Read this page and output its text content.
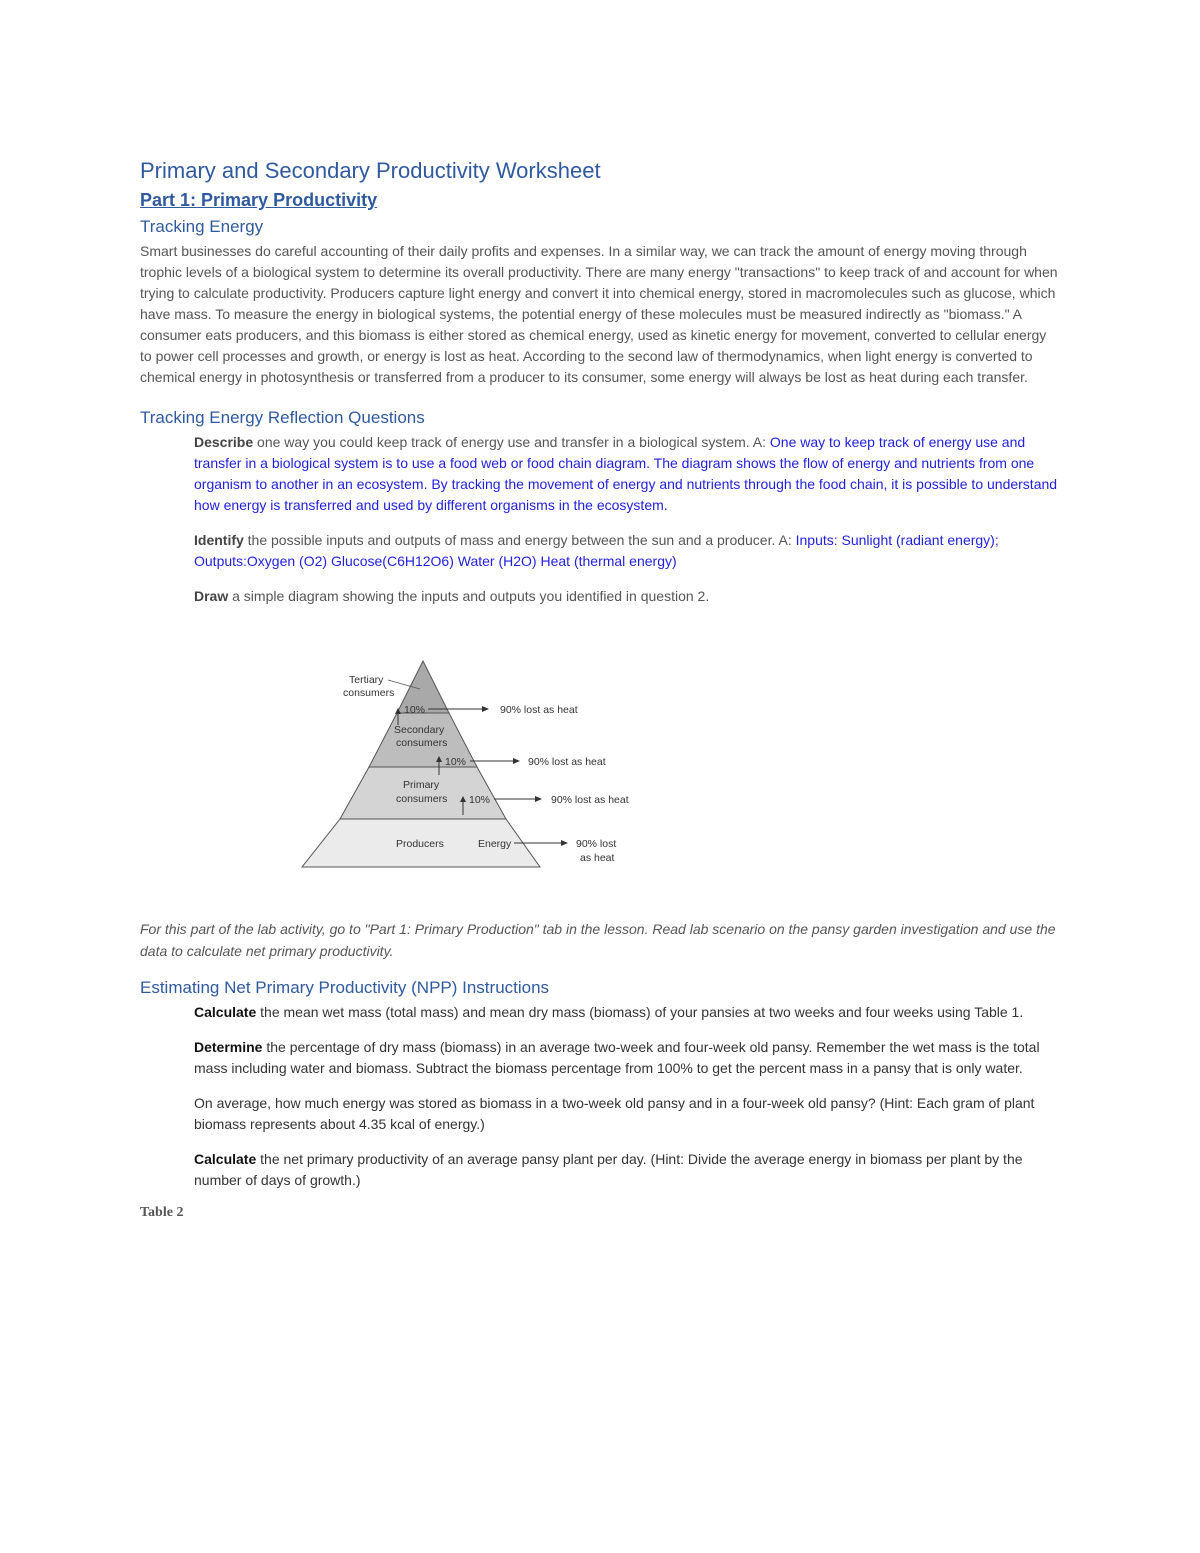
Primary and Secondary Productivity Worksheet
Part 1: Primary Productivity
Tracking Energy

Smart businesses do careful accounting of their daily profits and expenses. In a similar way, we can track the amount of energy moving through trophic levels of a biological system to determine its overall productivity. There are many energy "transactions" to keep track of and account for when trying to calculate productivity. Producers capture light energy and convert it into chemical energy, stored in macromolecules such as glucose, which have mass. To measure the energy in biological systems, the potential energy of these molecules must be measured indirectly as "biomass." A consumer eats producers, and this biomass is either stored as chemical energy, used as kinetic energy for movement, converted to cellular energy to power cell processes and growth, or energy is lost as heat. According to the second law of thermodynamics, when light energy is converted to chemical energy in photosynthesis or transferred from a producer to its consumer, some energy will always be lost as heat during each transfer.

Tracking Energy Reflection Questions

Describe one way you could keep track of energy use and transfer in a biological system. A: One way to keep track of energy use and transfer in a biological system is to use a food web or food chain diagram. The diagram shows the flow of energy and nutrients from one organism to another in an ecosystem. By tracking the movement of energy and nutrients through the food chain, it is possible to understand how energy is transferred and used by different organisms in the ecosystem.

Identify the possible inputs and outputs of mass and energy between the sun and a producer. A: Inputs: Sunlight (radiant energy); Outputs:Oxygen (O2) Glucose(C6H12O6) Water (H2O) Heat (thermal energy)

Draw a simple diagram showing the inputs and outputs you identified in question 2.

Tertiary
consumers
10%	90% lost as heat
Secondary
consumers
10%	90% lost as heat
Primary
consumers 10%	90% lost as heat
Producers	Energy	90% lost
as heat

For this part of the lab activity, go to "Part 1: Primary Production" tab in the lesson. Read lab scenario on the pansy garden investigation and use the data to calculate net primary productivity.

Estimating Net Primary Productivity (NPP) Instructions

Calculate the mean wet mass (total mass) and mean dry mass (biomass) of your pansies at two weeks and four weeks using Table 1.

Determine the percentage of dry mass (biomass) in an average two-week and four-week old pansy. Remember the wet mass is the total mass including water and biomass. Subtract the biomass percentage from 100% to get the percent mass in a pansy that is only water.

On average, how much energy was stored as biomass in a two-week old pansy and in a four-week old pansy? (Hint: Each gram of plant biomass represents about 4.35 kcal of energy.)

Calculate the net primary productivity of an average pansy plant per day. (Hint: Divide the average energy in biomass per plant by the number of days of growth.)

Table 2
